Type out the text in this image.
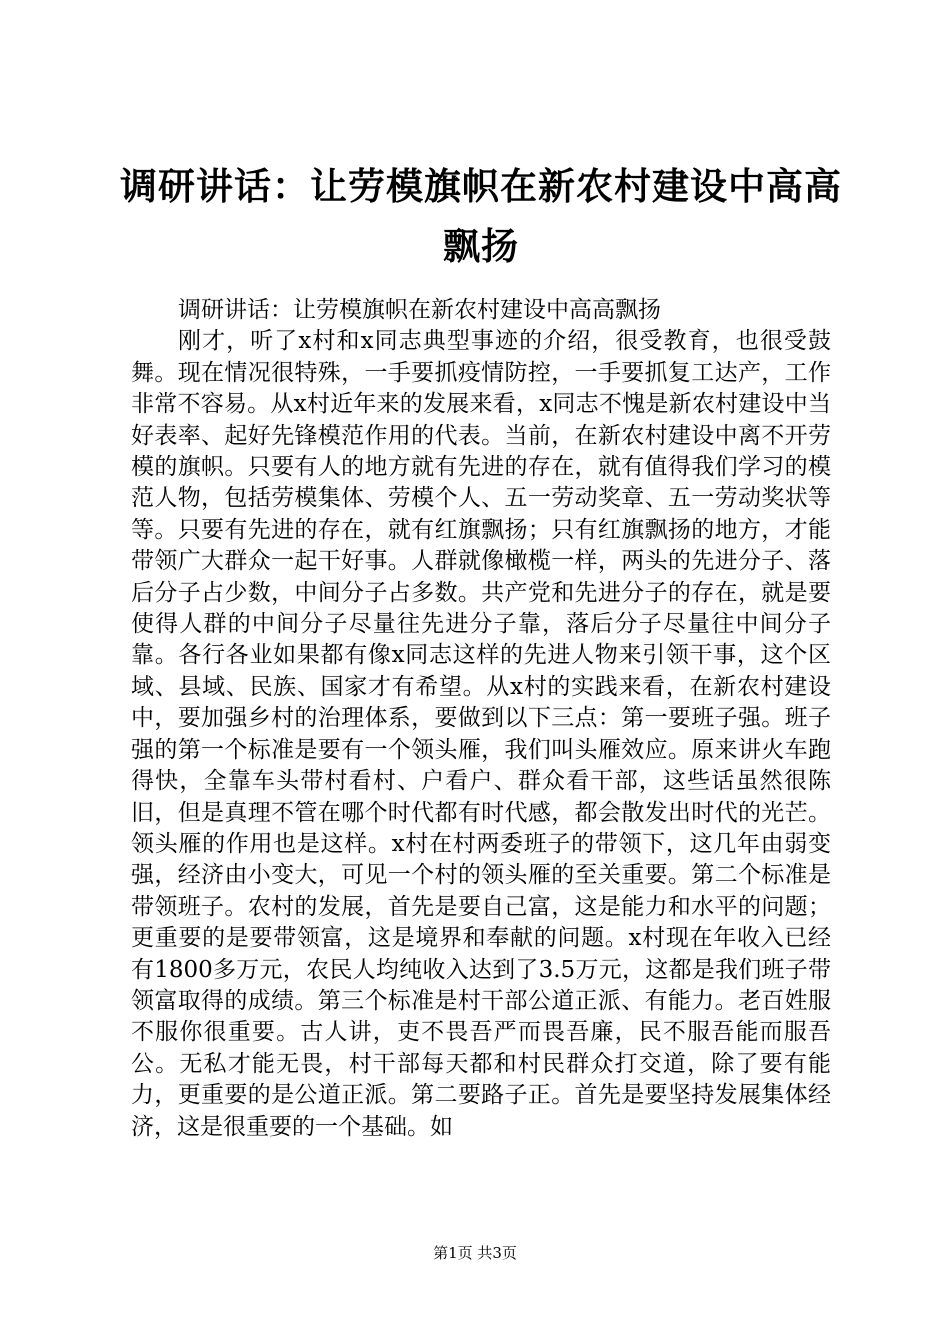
调研讲话：让劳模旗帜在新农村建设中高高飘扬

调研讲话：让劳模旗帜在新农村建设中高高飘扬

刚才，听了x村和x同志典型事迹的介绍，很受教育，也很受鼓舞。现在情况很特殊，一手要抓疫情防控，一手要抓复工达产，工作非常不容易。从x村近年来的发展来看，x同志不愧是新农村建设中当好表率、起好先锋模范作用的代表。当前，在新农村建设中离不开劳模的旗帜。只要有人的地方就有先进的存在，就有值得我们学习的模范人物，包括劳模集体、劳模个人、五一劳动奖章、五一劳动奖状等等。只要有先进的存在，就有红旗飘扬；只有红旗飘扬的地方，才能带领广大群众一起干好事。人群就像橄榄一样，两头的先进分子、落后分子占少数，中间分子占多数。共产党和先进分子的存在，就是要使得人群的中间分子尽量往先进分子靠，落后分子尽量往中间分子靠。各行各业如果都有像x同志这样的先进人物来引领干事，这个区域、县域、民族、国家才有希望。从x村的实践来看，在新农村建设中，要加强乡村的治理体系，要做到以下三点：第一要班子强。班子强的第一个标准是要有一个领头雁，我们叫头雁效应。原来讲火车跑得快，全靠车头带村看村、户看户、群众看干部，这些话虽然很陈旧，但是真理不管在哪个时代都有时代感，都会散发出时代的光芒。领头雁的作用也是这样。x村在村两委班子的带领下，这几年由弱变强，经济由小变大，可见一个村的领头雁的至关重要。第二个标准是带领班子。农村的发展，首先是要自己富，这是能力和水平的问题；更重要的是要带领富，这是境界和奉献的问题。x村现在年收入已经有1800多万元，农民人均纯收入达到了3.5万元，这都是我们班子带领富取得的成绩。第三个标准是村干部公道正派、有能力。老百姓服不服你很重要。古人讲，吏不畏吾严而畏吾廉，民不服吾能而服吾公。无私才能无畏，村干部每天都和村民群众打交道，除了要有能力，更重要的是公道正派。第二要路子正。首先是要坚持发展集体经济，这是很重要的一个基础。如

第1页 共3页
